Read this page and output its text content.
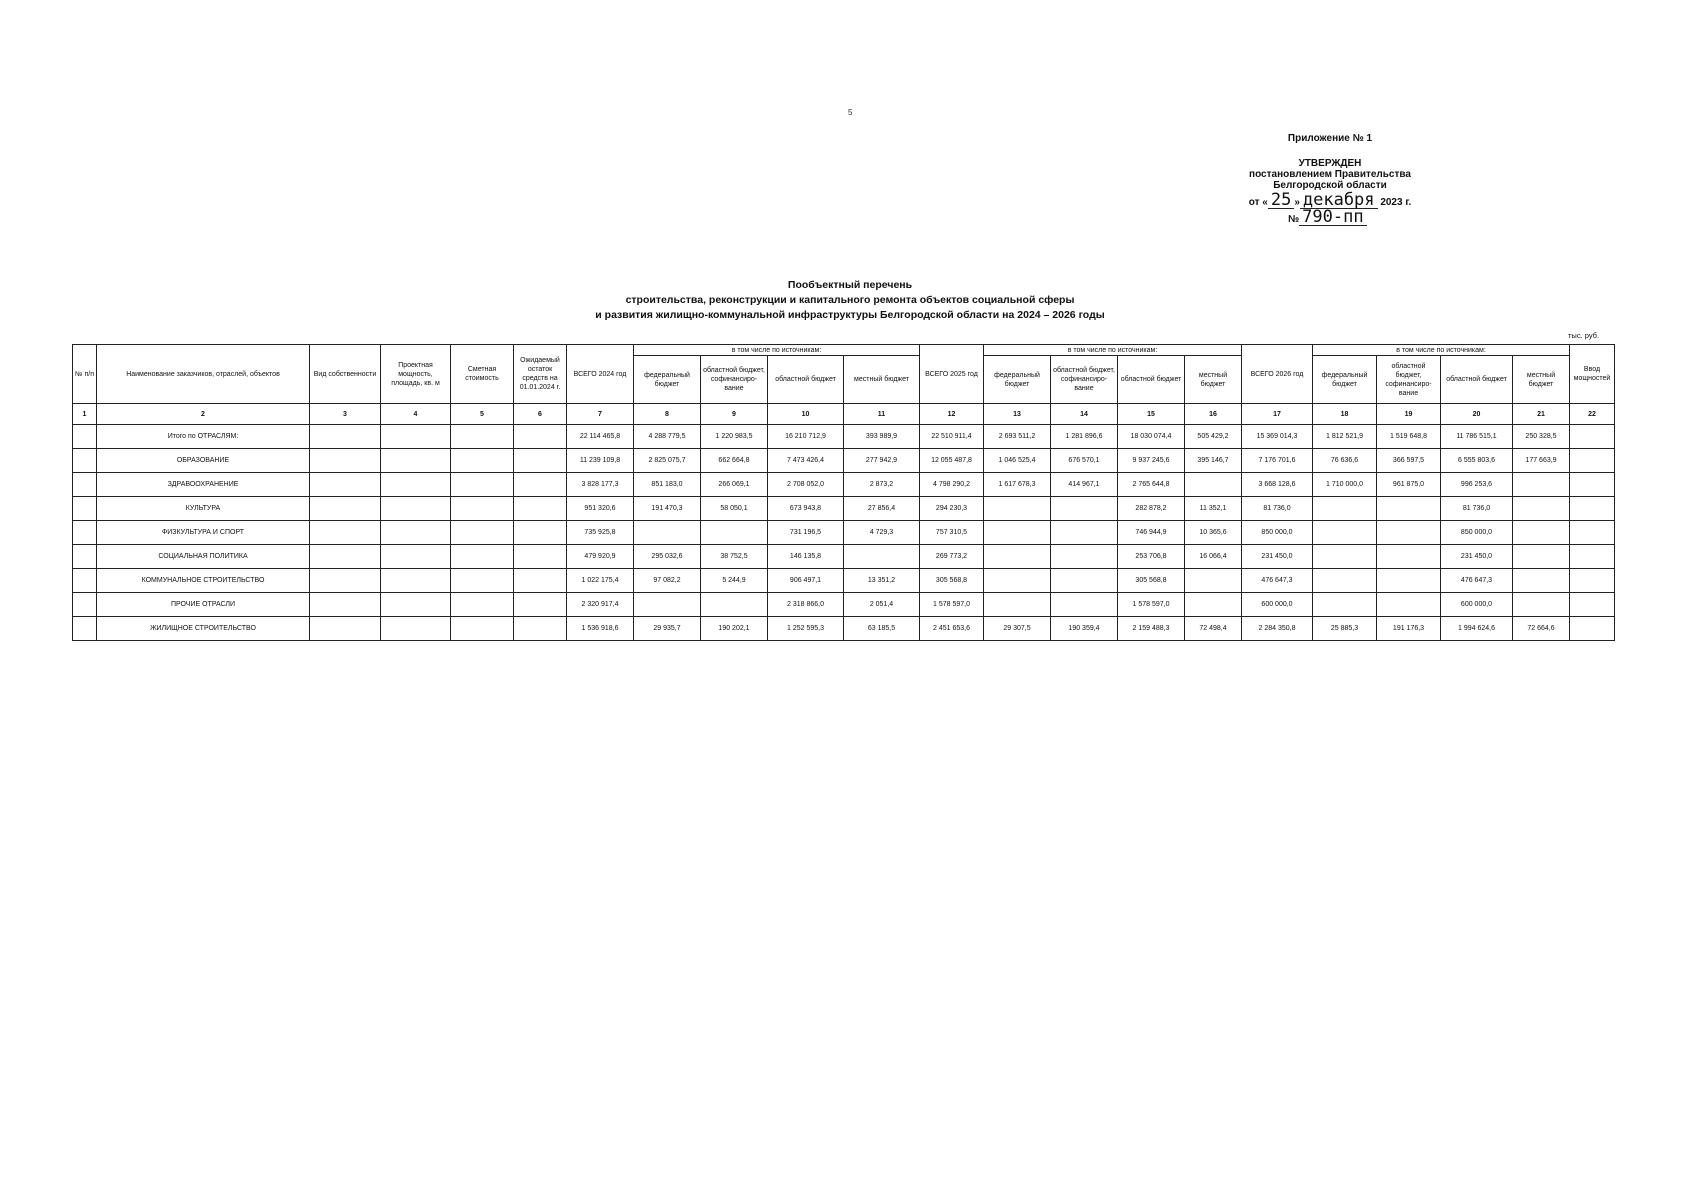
5
Приложение № 1
УТВЕРЖДЕН
постановлением Правительства
Белгородской области
от « 25 » декабря 2023 г.
№ 790-пп
Пообъектный перечень
строительства, реконструкции и капитального ремонта объектов социальной сферы
и развития жилищно-коммунальной инфраструктуры Белгородской области на 2024 – 2026 годы
тыс. руб.
№ п/п	Наименование заказчиков, отраслей, объектов	Вид собственности	Проектная мощность, площадь, кв. м	Сметная стоимость	Ожидаемый остаток средств на 01.01.2024 г.	ВСЕГО 2024 год	в том числе по источникам:				ВСЕГО 2025 год	в том числе по источникам:				ВСЕГО 2026 год	в том числе по источникам:				Ввод мощностей
							федеральный бюджет	областной бюджет, софинансиро-вание	областной бюджет	местный бюджет		федеральный бюджет	областной бюджет, софинансиро-вание	областной бюджет	местный бюджет		федеральный бюджет	областной бюджет, софинансиро-вание	областной бюджет	местный бюджет	
1	2	3	4	5	6	7	8	9	10	11	12	13	14	15	16	17	18	19	20	21	22
	Итого по ОТРАСЛЯМ:					22 114 465,8	4 288 779,5	1 220 983,5	16 210 712,9	393 989,9	22 510 911,4	2 693 511,2	1 281 896,6	18 030 074,4	505 429,2	15 369 014,3	1 812 521,9	1 519 648,8	11 786 515,1	250 328,5	
	ОБРАЗОВАНИЕ					11 239 109,8	2 825 075,7	662 664,8	7 473 426,4	277 942,9	12 055 487,8	1 046 525,4	676 570,1	9 937 245,6	395 146,7	7 176 701,6	76 636,6	366 597,5	6 555 803,6	177 663,9	
	ЗДРАВООХРАНЕНИЕ					3 828 177,3	851 183,0	266 069,1	2 708 052,0	2 873,2	4 798 290,2	1 617 678,3	414 967,1	2 765 644,8		3 668 128,6	1 710 000,0	961 875,0	996 253,6		
	КУЛЬТУРА					951 320,6	191 470,3	58 050,1	673 943,8	27 856,4	294 230,3			282 878,2	11 352,1	81 736,0			81 736,0		
	ФИЗКУЛЬТУРА И СПОРТ					735 925,8			731 196,5	4 729,3	757 310,5			746 944,9	10 365,6	850 000,0			850 000,0		
	СОЦИАЛЬНАЯ ПОЛИТИКА					479 920,9	295 032,6	38 752,5	146 135,8		269 773,2			253 706,8	16 066,4	231 450,0			231 450,0		
	КОММУНАЛЬНОЕ СТРОИТЕЛЬСТВО					1 022 175,4	97 082,2	5 244,9	906 497,1	13 351,2	305 568,8			305 568,8		476 647,3			476 647,3		
	ПРОЧИЕ ОТРАСЛИ					2 320 917,4			2 318 866,0	2 051,4	1 578 597,0			1 578 597,0		600 000,0			600 000,0		
	ЖИЛИЩНОЕ СТРОИТЕЛЬСТВО					1 536 918,6	29 935,7	190 202,1	1 252 595,3	63 185,5	2 451 653,6	29 307,5	190 359,4	2 159 488,3	72 498,4	2 284 350,8	25 885,3	191 176,3	1 994 624,6	72 664,6	
